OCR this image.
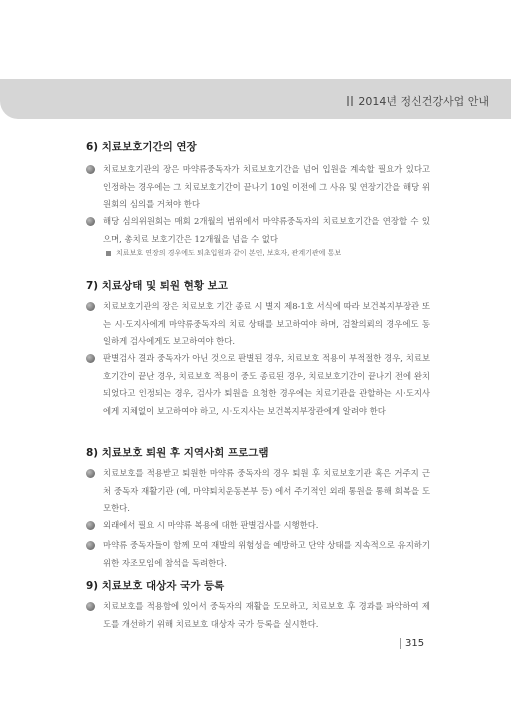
2014년 정신건강사업 안내
6) 치료보호기간의 연장
치료보호기관의 장은 마약류중독자가 치료보호기간을 넘어 입원을 계속할 필요가 있다고 인정하는 경우에는 그 치료보호기간이 끝나기 10일 이전에 그 사유 및 연장기간을 해당 위원회의 심의를 거쳐야 한다
해당 심의위원회는 매회 2개월의 범위에서 마약류중독자의 치료보호기간을 연장할 수 있으며, 총치료 보호기간은 12개월을 넘을 수 없다
치료보호 연장의 경우에도 퇴초입원과 같이 본인, 보호자, 관계기관에 통보
7) 치료상태 및 퇴원 현황 보고
치료보호기관의 장은 치료보호 기간 종료 시 별지 제8-1호 서식에 따라 보건복지부장관 또는 시·도지사에게 마약류중독자의 치료 상태를 보고하여야 하며, 검찰의뢰의 경우에도 동일하게 검사에게도 보고하여야 한다.
판별검사 결과 중독자가 아닌 것으로 판별된 경우, 치료보호 적용이 부적절한 경우, 치료보호기간이 끝난 경우, 치료보호 적용이 중도 종료된 경우, 치료보호기간이 끝나기 전에 완치되었다고 인정되는 경우, 검사가 퇴원을 요청한 경우에는 치료기관을 관할하는 시·도지사에게 지체없이 보고하여야 하고, 시·도지사는 보건복지부장관에게 알려야 한다
8) 치료보호 퇴원 후 지역사회 프로그램
치료보호를 적용받고 퇴원한 마약류 중독자의 경우 퇴원 후 치료보호기관 혹은 거주지 근처 중독자 재활기관 (예, 마약퇴치운동본부 등) 에서 주기적인 외래 통원을 통해 회복을 도모한다.
외래에서 필요 시 마약류 복용에 대한 판별검사를 시행한다.
마약류 중독자들이 함께 모여 재발의 위험성을 예방하고 단약 상태를 지속적으로 유지하기 위한 자조모임에 참석을 독려한다.
9) 치료보호 대상자 국가 등록
치료보호를 적용함에 있어서 중독자의 재활을 도모하고, 치료보호 후 경과를 파악하여 제도를 개선하기 위해 치료보호 대상자 국가 등록을 실시한다.
315
